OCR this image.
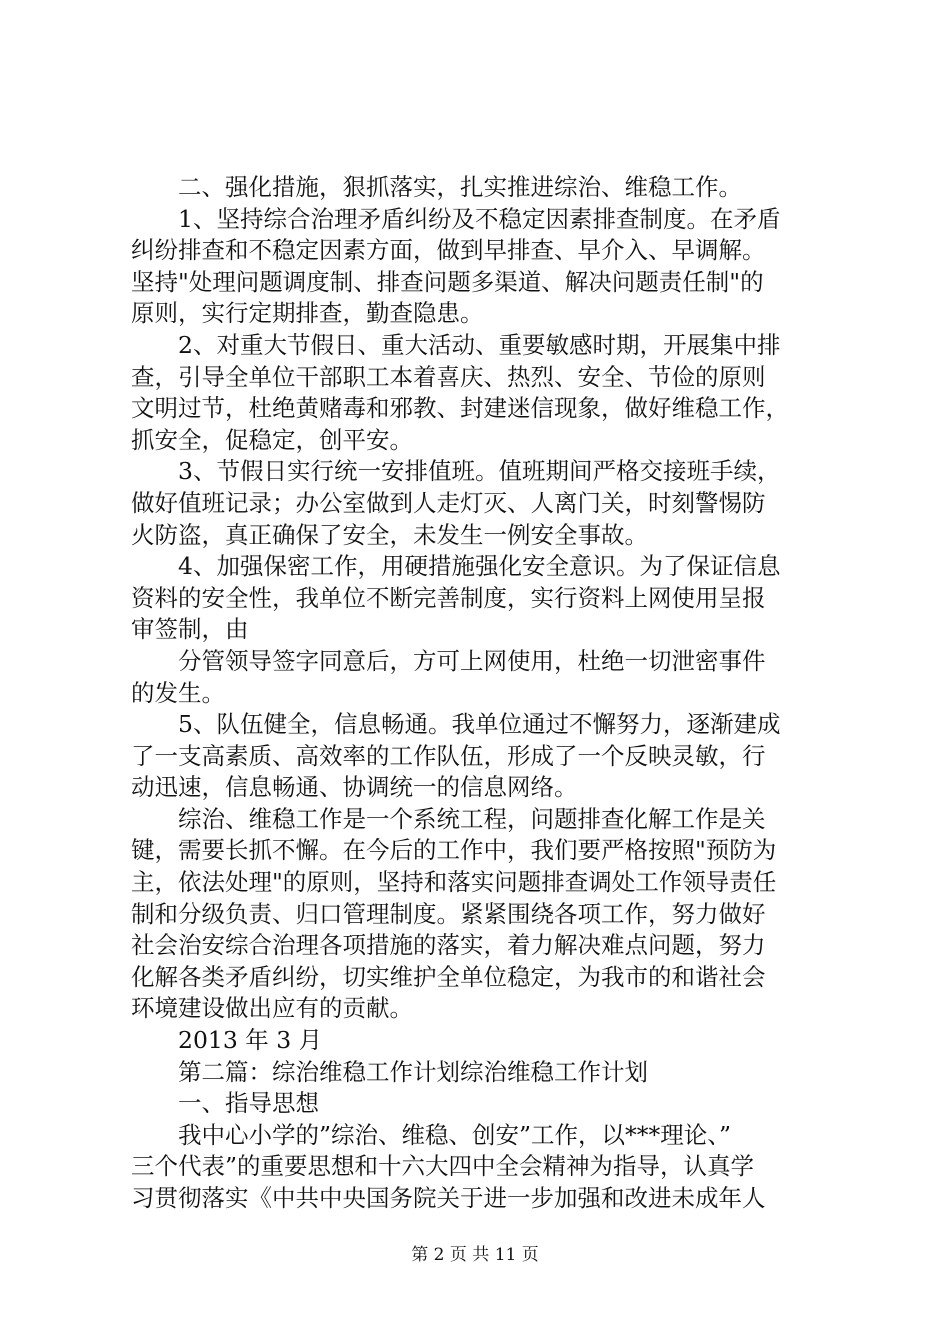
二、强化措施，狠抓落实，扎实推进综治、维稳工作。
1、坚持综合治理矛盾纠纷及不稳定因素排查制度。在矛盾
纠纷排查和不稳定因素方面，做到早排查、早介入、早调解。
坚持"处理问题调度制、排查问题多渠道、解决问题责任制"的
原则，实行定期排查，勤查隐患。
2、对重大节假日、重大活动、重要敏感时期，开展集中排
查，引导全单位干部职工本着喜庆、热烈、安全、节俭的原则
文明过节，杜绝黄赌毒和邪教、封建迷信现象，做好维稳工作，
抓安全，促稳定，创平安。
3、节假日实行统一安排值班。值班期间严格交接班手续，
做好值班记录；办公室做到人走灯灭、人离门关，时刻警惕防
火防盗，真正确保了安全，未发生一例安全事故。
4、加强保密工作，用硬措施强化安全意识。为了保证信息
资料的安全性，我单位不断完善制度，实行资料上网使用呈报
审签制，由
分管领导签字同意后，方可上网使用，杜绝一切泄密事件
的发生。
5、队伍健全，信息畅通。我单位通过不懈努力，逐渐建成
了一支高素质、高效率的工作队伍，形成了一个反映灵敏，行
动迅速，信息畅通、协调统一的信息网络。
综治、维稳工作是一个系统工程，问题排查化解工作是关
键，需要长抓不懈。在今后的工作中，我们要严格按照"预防为
主，依法处理"的原则，坚持和落实问题排查调处工作领导责任
制和分级负责、归口管理制度。紧紧围绕各项工作，努力做好
社会治安综合治理各项措施的落实，着力解决难点问题，努力
化解各类矛盾纠纷，切实维护全单位稳定，为我市的和谐社会
环境建设做出应有的贡献。
2013 年 3 月
第二篇：综治维稳工作计划综治维稳工作计划
一、指导思想
我中心小学的”综治、维稳、创安”工作，以***理论、”
三个代表”的重要思想和十六大四中全会精神为指导，认真学
习贯彻落实《中共中央国务院关于进一步加强和改进未成年人
第 2 页 共 11 页
